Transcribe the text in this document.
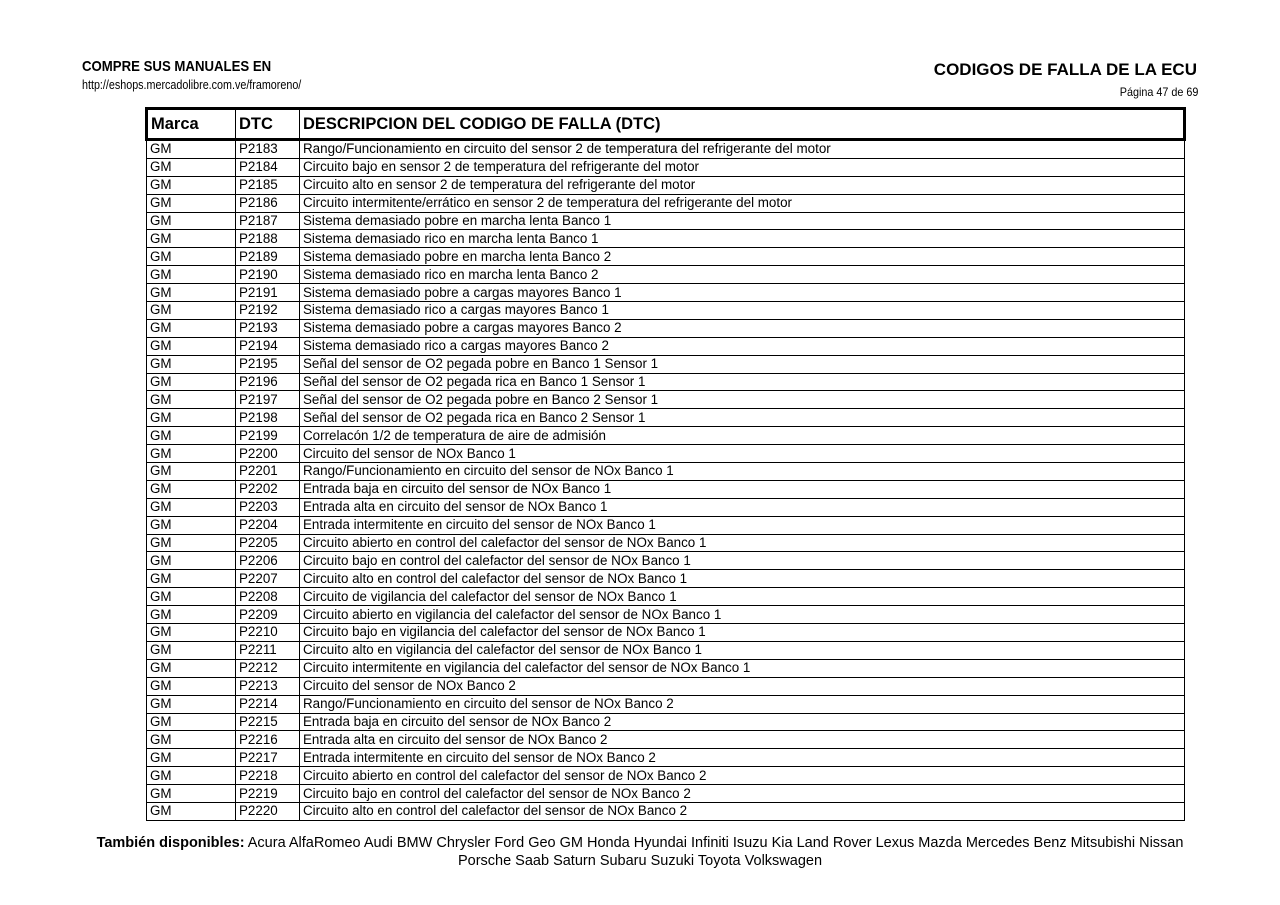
COMPRE SUS MANUALES EN
http://eshops.mercadolibre.com.ve/framoreno/
CODIGOS DE FALLA DE LA ECU
Página 47 de 69
Marca	DTC	DESCRIPCION DEL CODIGO DE FALLA (DTC)
GM	P2183	Rango/Funcionamiento en circuito del sensor 2 de temperatura del refrigerante del motor
GM	P2184	Circuito bajo en sensor 2 de temperatura del refrigerante del motor
GM	P2185	Circuito alto en sensor 2 de temperatura del refrigerante del motor
GM	P2186	Circuito intermitente/errático en sensor 2 de temperatura del refrigerante del motor
GM	P2187	Sistema demasiado pobre en marcha lenta Banco 1
GM	P2188	Sistema demasiado rico en marcha lenta Banco 1
GM	P2189	Sistema demasiado pobre en marcha lenta Banco 2
GM	P2190	Sistema demasiado rico en marcha lenta Banco 2
GM	P2191	Sistema demasiado pobre a cargas mayores Banco 1
GM	P2192	Sistema demasiado rico a cargas mayores Banco 1
GM	P2193	Sistema demasiado pobre a cargas mayores Banco 2
GM	P2194	Sistema demasiado rico a cargas mayores Banco 2
GM	P2195	Señal del sensor de O2 pegada pobre en Banco 1 Sensor 1
GM	P2196	Señal del sensor de O2 pegada rica en Banco 1 Sensor 1
GM	P2197	Señal del sensor de O2 pegada pobre en Banco 2 Sensor 1
GM	P2198	Señal del sensor de O2 pegada rica en Banco 2 Sensor 1
GM	P2199	Correlacón 1/2 de temperatura de aire de admisión
GM	P2200	Circuito del sensor de NOx Banco 1
GM	P2201	Rango/Funcionamiento en circuito del sensor de NOx Banco 1
GM	P2202	Entrada baja en circuito del sensor de NOx Banco 1
GM	P2203	Entrada alta en circuito del sensor de NOx Banco 1
GM	P2204	Entrada intermitente en circuito del sensor de NOx Banco 1
GM	P2205	Circuito abierto en control del calefactor del sensor de NOx Banco 1
GM	P2206	Circuito bajo en control del calefactor del sensor de NOx Banco 1
GM	P2207	Circuito alto en control del calefactor del sensor de NOx Banco 1
GM	P2208	Circuito de vigilancia del calefactor del sensor de NOx Banco 1
GM	P2209	Circuito abierto en vigilancia del calefactor del sensor de NOx Banco 1
GM	P2210	Circuito bajo en vigilancia del calefactor del sensor de NOx Banco 1
GM	P2211	Circuito alto en vigilancia del calefactor del sensor de NOx Banco 1
GM	P2212	Circuito intermitente en vigilancia del calefactor del sensor de NOx Banco 1
GM	P2213	Circuito del sensor de NOx Banco 2
GM	P2214	Rango/Funcionamiento en circuito del sensor de NOx Banco 2
GM	P2215	Entrada baja en circuito del sensor de NOx Banco 2
GM	P2216	Entrada alta en circuito del sensor de NOx Banco 2
GM	P2217	Entrada intermitente en circuito del sensor de NOx Banco 2
GM	P2218	Circuito abierto en control del calefactor del sensor de NOx Banco 2
GM	P2219	Circuito bajo en control del calefactor del sensor de NOx Banco 2
GM	P2220	Circuito alto en control del calefactor del sensor de NOx Banco 2
También disponibles: Acura AlfaRomeo Audi BMW Chrysler Ford Geo GM Honda Hyundai Infiniti Isuzu Kia Land Rover Lexus Mazda Mercedes Benz Mitsubishi Nissan
Porsche Saab Saturn Subaru Suzuki Toyota Volkswagen
